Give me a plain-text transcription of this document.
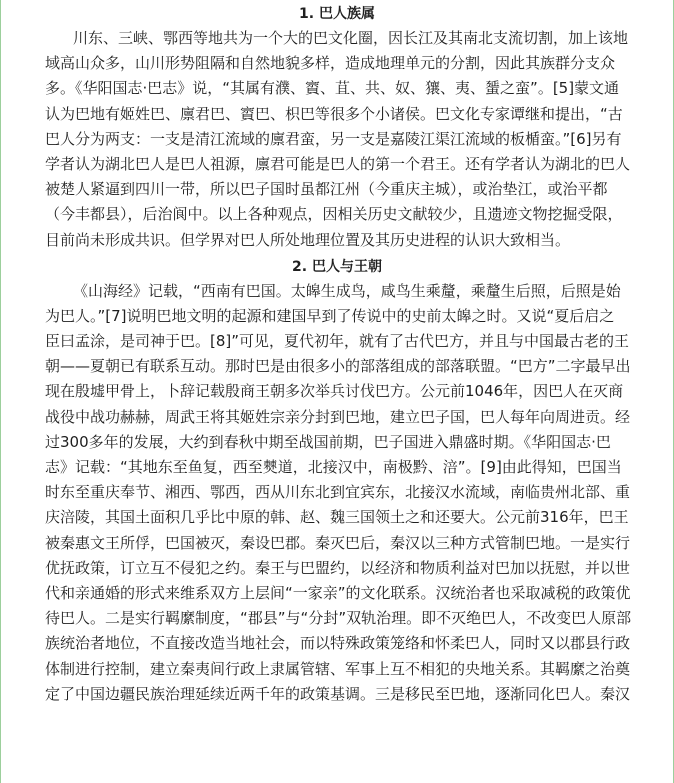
1. 巴人族属
川东、三峡、鄂西等地共为一个大的巴文化圈，因长江及其南北支流切割，加上该地
域高山众多，山川形势阻隔和自然地貌多样，造成地理单元的分割，因此其族群分支众
多。《华阳国志·巴志》说，“其属有濮、賨、苴、共、奴、獽、夷、蜑之蛮”。[5]蒙文通
认为巴地有姬姓巴、廪君巴、賨巴、枳巴等很多个小诸侯。巴文化专家谭继和提出，“古
巴人分为两支：一支是清江流域的廪君蛮，另一支是嘉陵江渠江流域的板楯蛮。”[6]另有
学者认为湖北巴人是巴人祖源，廪君可能是巴人的第一个君王。还有学者认为湖北的巴人
被楚人紧逼到四川一带，所以巴子国时虽都江州（今重庆主城），或治垫江，或治平都
（今丰都县），后治阆中。以上各种观点，因相关历史文献较少，且遗迹文物挖掘受限，
目前尚未形成共识。但学界对巴人所处地理位置及其历史进程的认识大致相当。
2. 巴人与王朝
《山海经》记载，“西南有巴国。太皞生成鸟，咸鸟生乘釐，乘釐生后照，后照是始
为巴人。”[7]说明巴地文明的起源和建国早到了传说中的史前太皞之时。又说“夏后启之
臣曰孟涂，是司神于巴。[8]”可见，夏代初年，就有了古代巴方，并且与中国最古老的王
朝——夏朝已有联系互动。那时巴是由很多小的部落组成的部落联盟。“巴方”二字最早出
现在殷墟甲骨上，卜辞记载殷商王朝多次举兵讨伐巴方。公元前1046年，因巴人在灭商
战役中战功赫赫，周武王将其姬姓宗亲分封到巴地，建立巴子国，巴人每年向周进贡。经
过300多年的发展，大约到春秋中期至战国前期，巴子国进入鼎盛时期。《华阳国志·巴
志》记载：“其地东至鱼复，西至僰道，北接汉中，南极黔、涪”。[9]由此得知，巴国当
时东至重庆奉节、湘西、鄂西，西从川东北到宜宾东，北接汉水流域，南临贵州北部、重
庆涪陵，其国土面积几乎比中原的韩、赵、魏三国领土之和还要大。公元前316年，巴王
被秦惠文王所俘，巴国被灭，秦设巴郡。秦灭巴后，秦汉以三种方式管制巴地。一是实行
优抚政策，订立互不侵犯之约。秦王与巴盟约，以经济和物质利益对巴加以抚慰，并以世
代和亲通婚的形式来维系双方上层间“一家亲”的文化联系。汉统治者也采取减税的政策优
待巴人。二是实行羁縻制度，“郡县”与“分封”双轨治理。即不灭绝巴人，不改变巴人原部
族统治者地位，不直接改造当地社会，而以特殊政策笼络和怀柔巴人，同时又以郡县行政
体制进行控制，建立秦夷间行政上隶属管辖、军事上互不相犯的央地关系。其羁縻之治奠
定了中国边疆民族治理延续近两千年的政策基调。三是移民至巴地，逐渐同化巴人。秦汉
